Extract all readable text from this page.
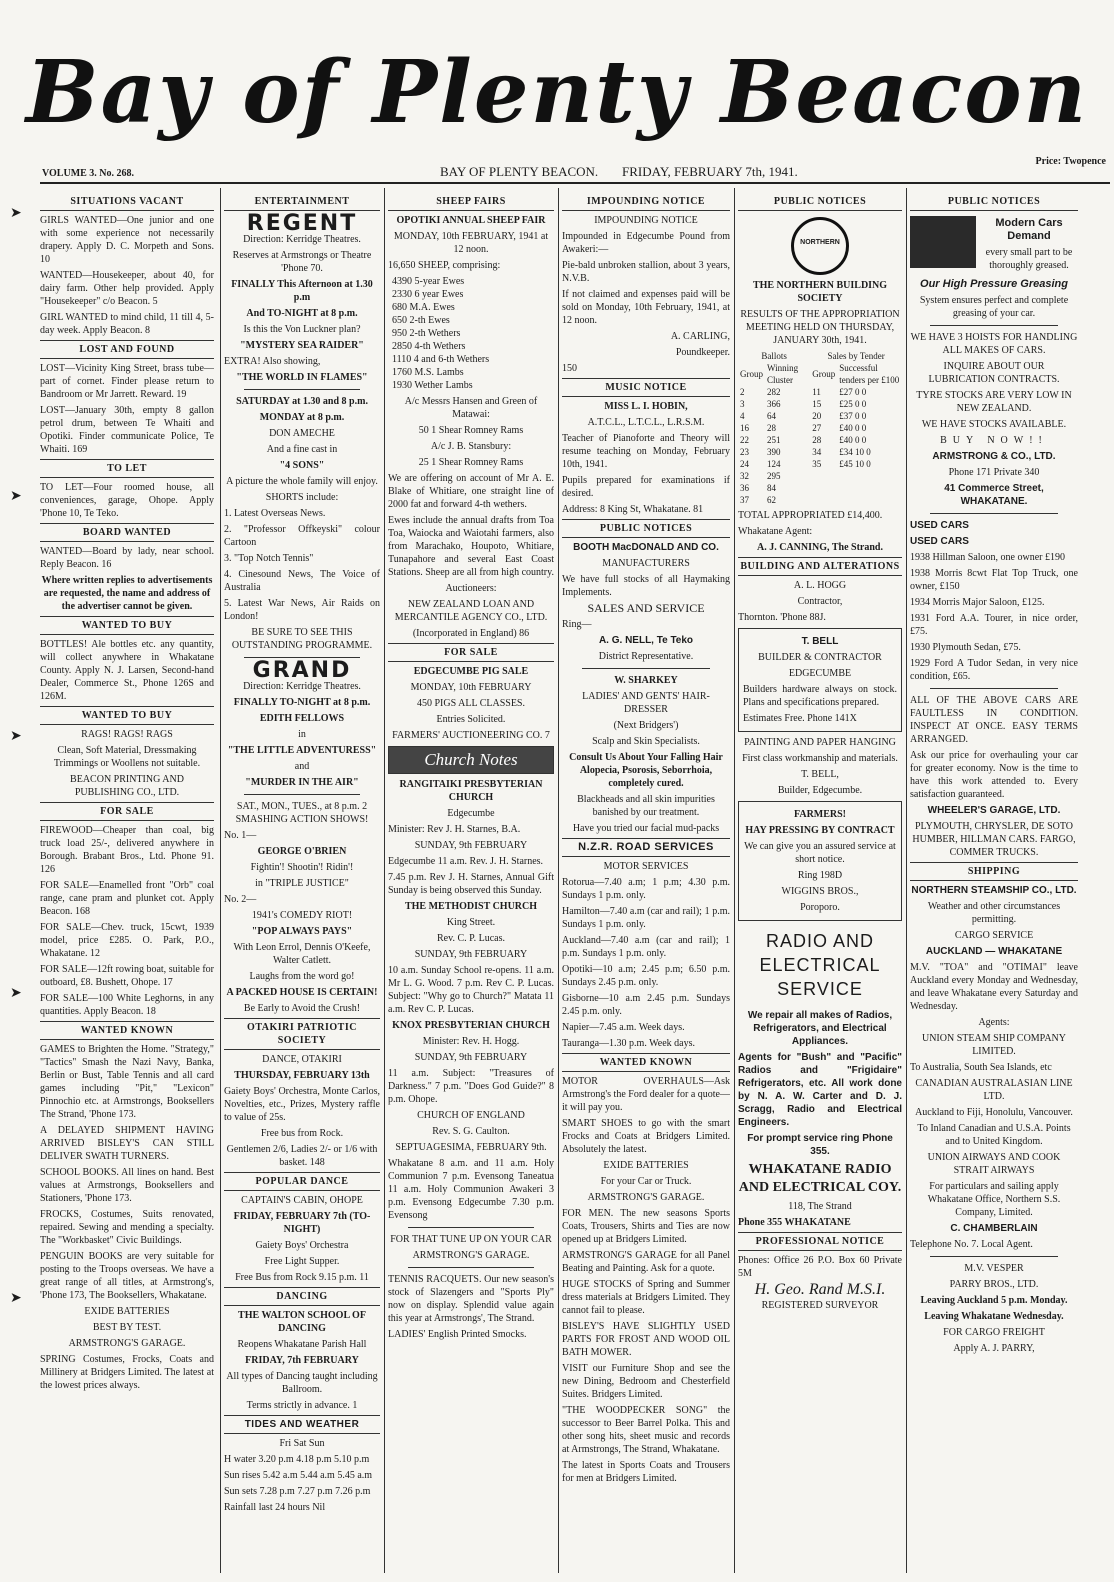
Bay of Plenty Beacon
VOLUME 3. No. 268.	BAY OF PLENTY BEACON. FRIDAY, FEBRUARY 7th, 1941.
Price: Twopence
➤
➤
➤
➤
➤
SITUATIONS VACANT

GIRLS WANTED—One junior and one with some experience not necessarily drapery. Apply D. C. Morpeth and Sons. 10

WANTED—Housekeeper, about 40, for dairy farm. Other help provided. Apply "Housekeeper" c/o Beacon. 5

GIRL WANTED to mind child, 11 till 4, 5-day week. Apply Beacon. 8

LOST AND FOUND

LOST—Vicinity King Street, brass tube—part of cornet. Finder please return to Bandroom or Mr Jarrett. Reward. 19

LOST—January 30th, empty 8 gallon petrol drum, between Te Whaiti and Opotiki. Finder communicate Police, Te Whaiti. 169

TO LET

TO LET—Four roomed house, all conveniences, garage, Ohope. Apply 'Phone 10, Te Teko.

BOARD WANTED

WANTED—Board by lady, near school. Reply Beacon. 16

Where written replies to advertisements are requested, the name and address of the advertiser cannot be given.

WANTED TO BUY

BOTTLES! Ale bottles etc. any quantity, will collect anywhere in Whakatane County. Apply N. J. Larsen, Second-hand Dealer, Commerce St., Phone 126S and 126M.

WANTED TO BUY

RAGS! RAGS! RAGS

Clean, Soft Material, Dressmaking Trimmings or Woollens not suitable.

BEACON PRINTING AND PUBLISHING CO., LTD.

FOR SALE

FIREWOOD—Cheaper than coal, big truck load 25/-, delivered anywhere in Borough. Brabant Bros., Ltd. Phone 91. 126

FOR SALE—Enamelled front "Orb" coal range, cane pram and plunket cot. Apply Beacon. 168

FOR SALE—Chev. truck, 15cwt, 1939 model, price £285. O. Park, P.O., Whakatane. 12

FOR SALE—12ft rowing boat, suitable for outboard, £8. Bushett, Ohope. 17

FOR SALE—100 White Leghorns, in any quantities. Apply Beacon. 18

WANTED KNOWN

GAMES to Brighten the Home. "Strategy," "Tactics" Smash the Nazi Navy, Banka, Berlin or Bust, Table Tennis and all card games including "Pit," "Lexicon" Pinnochio etc. at Armstrongs, Booksellers The Strand, 'Phone 173.

A DELAYED SHIPMENT HAVING ARRIVED BISLEY'S CAN STILL DELIVER SWATH TURNERS.

SCHOOL BOOKS. All lines on hand. Best values at Armstrongs, Booksellers and Stationers, 'Phone 173.

FROCKS, Costumes, Suits renovated, repaired. Sewing and mending a specialty. The "Workbasket" Civic Buildings.

PENGUIN BOOKS are very suitable for posting to the Troops overseas. We have a great range of all titles, at Armstrong's, 'Phone 173, The Booksellers, Whakatane.

EXIDE BATTERIES

BEST BY TEST.

ARMSTRONG'S GARAGE.

SPRING Costumes, Frocks, Coats and Millinery at Bridgers Limited. The latest at the lowest prices always.

ENTERTAINMENT
REGENT

Direction: Kerridge Theatres.

Reserves at Armstrongs or Theatre 'Phone 70.

FINALLY This Afternoon at 1.30 p.m

And TO-NIGHT at 8 p.m.

Is this the Von Luckner plan?

"MYSTERY SEA RAIDER"

EXTRA! Also showing,

"THE WORLD IN FLAMES"

SATURDAY at 1.30 and 8 p.m.

MONDAY at 8 p.m.

DON AMECHE

And a fine cast in

"4 SONS"

A picture the whole family will enjoy.

SHORTS include:

1. Latest Overseas News.

2. "Professor Offkeyski" colour Cartoon

3. "Top Notch Tennis"

4. Cinesound News, The Voice of Australia

5. Latest War News, Air Raids on London!

BE SURE TO SEE THIS OUTSTANDING PROGRAMME.

GRAND

Direction: Kerridge Theatres.

FINALLY TO-NIGHT at 8 p.m.

EDITH FELLOWS

in

"THE LITTLE ADVENTURESS"

and

"MURDER IN THE AIR"

SAT., MON., TUES., at 8 p.m. 2 SMASHING ACTION SHOWS!

No. 1—

GEORGE O'BRIEN

Fightin'! Shootin'! Ridin'!

in "TRIPLE JUSTICE"

No. 2—

1941's COMEDY RIOT!

"POP ALWAYS PAYS"

With Leon Errol, Dennis O'Keefe, Walter Catlett.

Laughs from the word go!

A PACKED HOUSE IS CERTAIN!

Be Early to Avoid the Crush!

OTAKIRI PATRIOTIC SOCIETY

DANCE, OTAKIRI

THURSDAY, FEBRUARY 13th

Gaiety Boys' Orchestra, Monte Carlos, Novelties, etc., Prizes, Mystery raffle to value of 25s.

Free bus from Rock.

Gentlemen 2/6, Ladies 2/- or 1/6 with basket. 148

POPULAR DANCE

CAPTAIN'S CABIN, OHOPE

FRIDAY, FEBRUARY 7th (TO-NIGHT)

Gaiety Boys' Orchestra

Free Light Supper.

Free Bus from Rock 9.15 p.m. 11

DANCING

THE WALTON SCHOOL OF DANCING

Reopens Whakatane Parish Hall

FRIDAY, 7th FEBRUARY

All types of Dancing taught including Ballroom.

Terms strictly in advance. 1

TIDES AND WEATHER

Fri Sat Sun

H water 3.20 p.m 4.18 p.m 5.10 p.m

Sun rises 5.42 a.m 5.44 a.m 5.45 a.m

Sun sets 7.28 p.m 7.27 p.m 7.26 p.m

Rainfall last 24 hours Nil

SHEEP FAIRS

OPOTIKI ANNUAL SHEEP FAIR

MONDAY, 10th FEBRUARY, 1941 at 12 noon.

16,650 SHEEP, comprising:

4390 5-year Ewes
2330 6 year Ewes
680 M.A. Ewes
650 2-th Ewes
950 2-th Wethers
2850 4-th Wethers
1110 4 and 6-th Wethers
1760 M.S. Lambs
1930 Wether Lambs

A/c Messrs Hansen and Green of Matawai:

50 1 Shear Romney Rams

A/c J. B. Stansbury:

25 1 Shear Romney Rams

We are offering on account of Mr A. E. Blake of Whitiare, one straight line of 2000 fat and forward 4-th wethers.

Ewes include the annual drafts from Toa Toa, Waiocka and Waiotahi farmers, also from Marachako, Houpoto, Whitiare, Tunapahore and several East Coast Stations. Sheep are all from high country.

Auctioneers:

NEW ZEALAND LOAN AND MERCANTILE AGENCY CO., LTD.

(Incorporated in England) 86

FOR SALE

EDGECUMBE PIG SALE

MONDAY, 10th FEBRUARY

450 PIGS ALL CLASSES.

Entries Solicited.

FARMERS' AUCTIONEERING CO. 7

Church Notes

RANGITAIKI PRESBYTERIAN CHURCH

Edgecumbe

Minister: Rev J. H. Starnes, B.A.

SUNDAY, 9th FEBRUARY

Edgecumbe 11 a.m. Rev. J. H. Starnes.

7.45 p.m. Rev J. H. Starnes, Annual Gift Sunday is being observed this Sunday.

THE METHODIST CHURCH

King Street.

Rev. C. P. Lucas.

SUNDAY, 9th FEBRUARY

10 a.m. Sunday School re-opens. 11 a.m. Mr L. G. Wood. 7 p.m. Rev C. P. Lucas. Subject: "Why go to Church?" Matata 11 a.m. Rev C. P. Lucas.

KNOX PRESBYTERIAN CHURCH

Minister: Rev. H. Hogg.

SUNDAY, 9th FEBRUARY

11 a.m. Subject: "Treasures of Darkness." 7 p.m. "Does God Guide?" 8 p.m. Ohope.

CHURCH OF ENGLAND

Rev. S. G. Caulton.

SEPTUAGESIMA, FEBRUARY 9th.

Whakatane 8 a.m. and 11 a.m. Holy Communion 7 p.m. Evensong Taneatua 11 a.m. Holy Communion Awakeri 3 p.m. Evensong Edgecumbe 7.30 p.m. Evensong

FOR THAT TUNE UP ON YOUR CAR

ARMSTRONG'S GARAGE.

TENNIS RACQUETS. Our new season's stock of Slazengers and "Sports Ply" now on display. Splendid value again this year at Armstrongs', The Strand.

LADIES' English Printed Smocks.

IMPOUNDING NOTICE

IMPOUNDING NOTICE

Impounded in Edgecumbe Pound from Awakeri:—

Pie-bald unbroken stallion, about 3 years, N.V.B.

If not claimed and expenses paid will be sold on Monday, 10th February, 1941, at 12 noon.

A. CARLING,

Poundkeeper.

150

MUSIC NOTICE

MISS L. I. HOBIN,

A.T.C.L., L.T.C.L., L.R.S.M.

Teacher of Pianoforte and Theory will resume teaching on Monday, February 10th, 1941.

Pupils prepared for examinations if desired.

Address: 8 King St, Whakatane. 81

PUBLIC NOTICES

BOOTH MacDONALD AND CO.

MANUFACTURERS

We have full stocks of all Haymaking Implements.

SALES AND SERVICE

Ring—

A. G. NELL, Te Teko

District Representative.

W. SHARKEY

LADIES' AND GENTS' HAIR-DRESSER

(Next Bridgers')

Scalp and Skin Specialists.

Consult Us About Your Falling Hair Alopecia, Psorosis, Seborrhoia, completely cured.

Blackheads and all skin impurities banished by our treatment.

Have you tried our facial mud-packs

N.Z.R. ROAD SERVICES

MOTOR SERVICES

Rotorua—7.40 a.m; 1 p.m; 4.30 p.m. Sundays 1 p.m. only.

Hamilton—7.40 a.m (car and rail); 1 p.m. Sundays 1 p.m. only.

Auckland—7.40 a.m (car and rail); 1 p.m. Sundays 1 p.m. only.

Opotiki—10 a.m; 2.45 p.m; 6.50 p.m. Sundays 2.45 p.m. only.

Gisborne—10 a.m 2.45 p.m. Sundays 2.45 p.m. only.

Napier—7.45 a.m. Week days.

Tauranga—1.30 p.m. Week days.

WANTED KNOWN

MOTOR OVERHAULS—Ask Armstrong's the Ford dealer for a quote—it will pay you.

SMART SHOES to go with the smart Frocks and Coats at Bridgers Limited. Absolutely the latest.

EXIDE BATTERIES

For your Car or Truck.

ARMSTRONG'S GARAGE.

FOR MEN. The new seasons Sports Coats, Trousers, Shirts and Ties are now opened up at Bridgers Limited.

ARMSTRONG'S GARAGE for all Panel Beating and Painting. Ask for a quote.

HUGE STOCKS of Spring and Summer dress materials at Bridgers Limited. They cannot fail to please.

BISLEY'S HAVE SLIGHTLY USED PARTS FOR FROST AND WOOD OIL BATH MOWER.

VISIT our Furniture Shop and see the new Dining, Bedroom and Chesterfield Suites. Bridgers Limited.

"THE WOODPECKER SONG" the successor to Beer Barrel Polka. This and other song hits, sheet music and records at Armstrongs, The Strand, Whakatane.

The latest in Sports Coats and Trousers for men at Bridgers Limited.

PUBLIC NOTICES
NORTHERN

THE NORTHERN BUILDING SOCIETY

RESULTS OF THE APPROPRIATION MEETING HELD ON THURSDAY, JANUARY 30th, 1941.

Ballots		Sales by Tender	
Group	Winning Cluster	Group	Successful tenders per £100
2	282	11	£27 0 0
3	366	15	£25 0 0
4	64	20	£37 0 0
16	28	27	£40 0 0
22	251	28	£40 0 0
23	390	34	£34 10 0
24	124	35	£45 10 0
32	295		
36	84		
37	62		

TOTAL APPROPRIATED £14,400.

Whakatane Agent:

A. J. CANNING, The Strand.

BUILDING AND ALTERATIONS

A. L. HOGG

Contractor,

Thornton. 'Phone 88J.

T. BELL

BUILDER & CONTRACTOR

EDGECUMBE

Builders hardware always on stock. Plans and specifications prepared.

Estimates Free. Phone 141X

PAINTING AND PAPER HANGING

First class workmanship and materials.

T. BELL,

Builder, Edgecumbe.

FARMERS!

HAY PRESSING BY CONTRACT

We can give you an assured service at short notice.

Ring 198D

WIGGINS BROS.,

Poroporo.

RADIO AND ELECTRICAL SERVICE

We repair all makes of Radios, Refrigerators, and Electrical Appliances.

Agents for "Bush" and "Pacific" Radios and "Frigidaire" Refrigerators, etc. All work done by N. A. W. Carter and D. J. Scragg, Radio and Electrical Engineers.

For prompt service ring Phone 355.

WHAKATANE RADIO AND ELECTRICAL COY.

118, The Strand

Phone 355 WHAKATANE

PROFESSIONAL NOTICE

Phones: Office 26 P.O. Box 60 Private 5M

H. Geo. Rand M.S.I.

REGISTERED SURVEYOR

PUBLIC NOTICES

Modern Cars Demand

every small part to be thoroughly greased.

Our High Pressure Greasing

System ensures perfect and complete greasing of your car.

WE HAVE 3 HOISTS FOR HANDLING ALL MAKES OF CARS.

INQUIRE ABOUT OUR LUBRICATION CONTRACTS.

TYRE STOCKS ARE VERY LOW IN NEW ZEALAND.

WE HAVE STOCKS AVAILABLE.

BUY NOW!!

ARMSTRONG & CO., LTD.

Phone 171 Private 340

41 Commerce Street, WHAKATANE.

USED CARS

USED CARS

1938 Hillman Saloon, one owner £190

1938 Morris 8cwt Flat Top Truck, one owner, £150

1934 Morris Major Saloon, £125.

1931 Ford A.A. Tourer, in nice order, £75.

1930 Plymouth Sedan, £75.

1929 Ford A Tudor Sedan, in very nice condition, £65.

ALL OF THE ABOVE CARS ARE FAULTLESS IN CONDITION. INSPECT AT ONCE. EASY TERMS ARRANGED.

Ask our price for overhauling your car for greater economy. Now is the time to have this work attended to. Every satisfaction guaranteed.

WHEELER'S GARAGE, LTD.

PLYMOUTH, CHRYSLER, DE SOTO HUMBER, HILLMAN CARS. FARGO, COMMER TRUCKS.

SHIPPING

NORTHERN STEAMSHIP CO., LTD.

Weather and other circumstances permitting.

CARGO SERVICE

AUCKLAND — WHAKATANE

M.V. "TOA" and "OTIMAI" leave Auckland every Monday and Wednesday, and leave Whakatane every Saturday and Wednesday.

Agents:

UNION STEAM SHIP COMPANY LIMITED.

To Australia, South Sea Islands, etc

CANADIAN AUSTRALASIAN LINE LTD.

Auckland to Fiji, Honolulu, Vancouver.

To Inland Canadian and U.S.A. Points and to United Kingdom.

UNION AIRWAYS AND COOK STRAIT AIRWAYS

For particulars and sailing apply Whakatane Office, Northern S.S. Company, Limited.

C. CHAMBERLAIN

Telephone No. 7. Local Agent.

M.V. VESPER

PARRY BROS., LTD.

Leaving Auckland 5 p.m. Monday.

Leaving Whakatane Wednesday.

FOR CARGO FREIGHT

Apply A. J. PARRY,
